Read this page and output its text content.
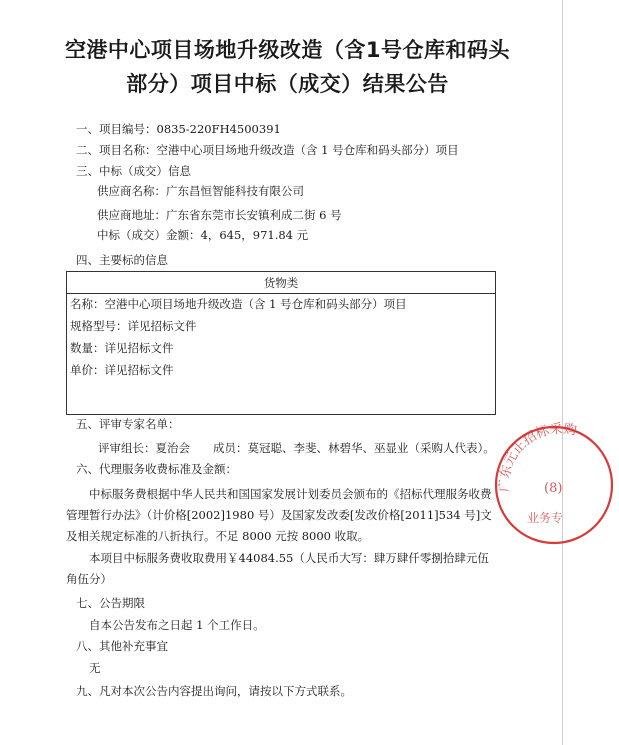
空港中心项目场地升级改造（含1号仓库和码头
部分）项目中标（成交）结果公告
一、项目编号：0835-220FH4500391
二、项目名称：空港中心项目场地升级改造（含 1 号仓库和码头部分）项目
三、中标（成交）信息
供应商名称：广东昌恒智能科技有限公司
供应商地址：广东省东莞市长安镇利成二街 6 号
中标（成交）金额：4，645，971.84 元
四、主要标的信息
货物类

名称：空港中心项目场地升级改造（含 1 号仓库和码头部分）项目
规格型号：详见招标文件
数量：详见招标文件
单价：详见招标文件
五、评审专家名单：
评审组长：夏治会　　成员：莫冠聪、李斐、林碧华、巫显业（采购人代表）。
六、代理服务收费标准及金额：
中标服务费根据中华人民共和国国家发展计划委员会颁布的《招标代理服务收费管理暂行办法》（计价格[2002]1980 号）及国家发改委[发改价格[2011]534 号]文及相关规定标准的八折执行。不足 8000 元按 8000 收取。
本项目中标服务费收取费用￥44084.55（人民币大写：肆万肆仟零捌拾肆元伍角伍分）
七、公告期限
自本公告发布之日起 1 个工作日。
八、其他补充事宜
无
九、凡对本次公告内容提出询问，请按以下方式联系。
广东元正招标采购
(8)
业务专
